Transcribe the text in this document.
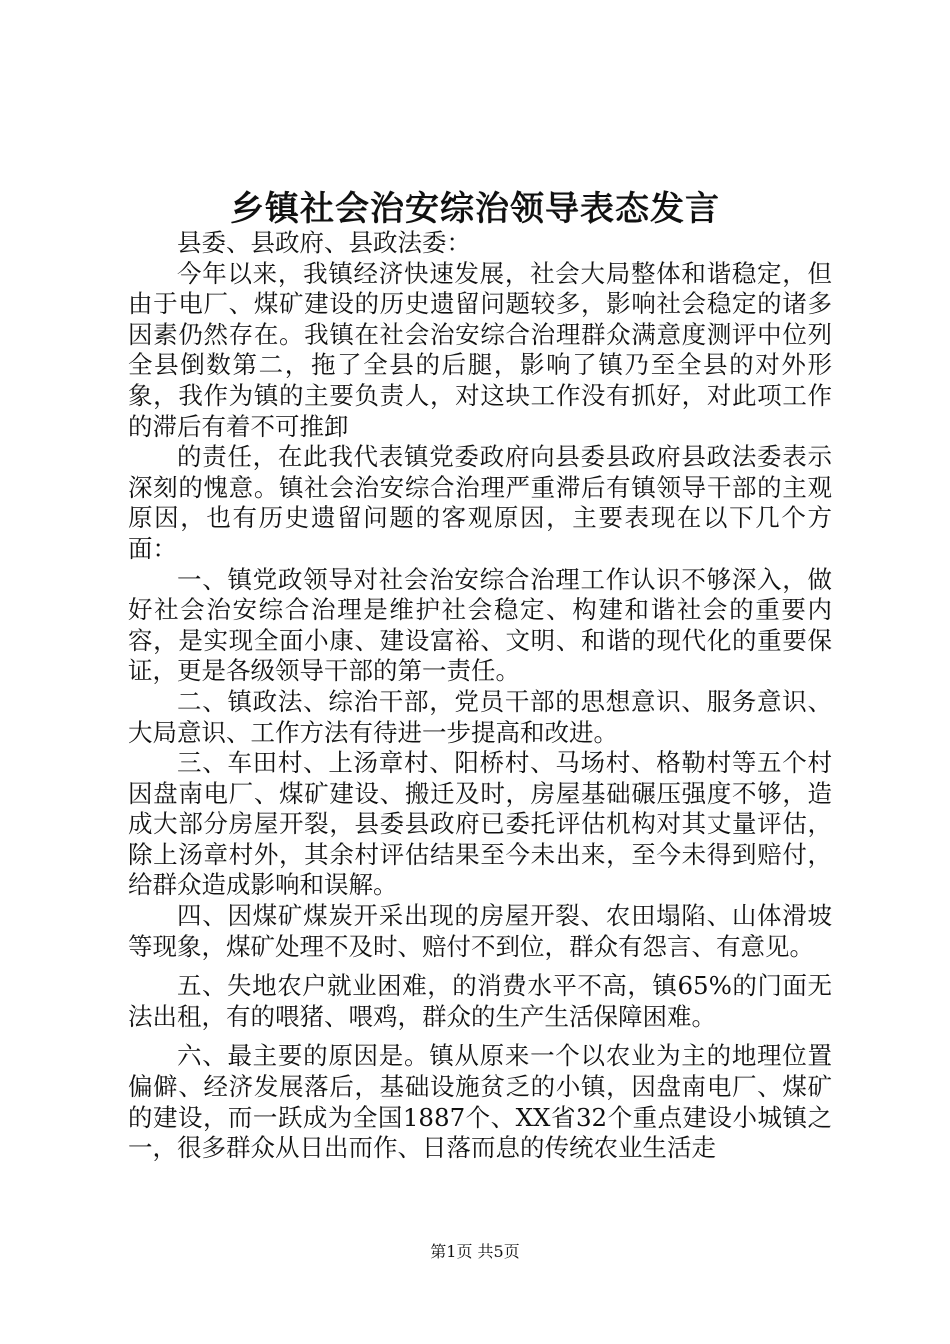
乡镇社会治安综治领导表态发言

县委、县政府、县政法委：

今年以来，我镇经济快速发展，社会大局整体和谐稳定，但由于电厂、煤矿建设的历史遗留问题较多，影响社会稳定的诸多因素仍然存在。我镇在社会治安综合治理群众满意度测评中位列全县倒数第二，拖了全县的后腿，影响了镇乃至全县的对外形象，我作为镇的主要负责人，对这块工作没有抓好，对此项工作的滞后有着不可推卸

的责任，在此我代表镇党委政府向县委县政府县政法委表示深刻的愧意。镇社会治安综合治理严重滞后有镇领导干部的主观原因，也有历史遗留问题的客观原因，主要表现在以下几个方面：

一、镇党政领导对社会治安综合治理工作认识不够深入，做好社会治安综合治理是维护社会稳定、构建和谐社会的重要内容，是实现全面小康、建设富裕、文明、和谐的现代化的重要保证，更是各级领导干部的第一责任。

二、镇政法、综治干部，党员干部的思想意识、服务意识、大局意识、工作方法有待进一步提高和改进。

三、车田村、上汤章村、阳桥村、马场村、格勒村等五个村因盘南电厂、煤矿建设、搬迁及时，房屋基础碾压强度不够，造成大部分房屋开裂，县委县政府已委托评估机构对其丈量评估，除上汤章村外，其余村评估结果至今未出来，至今未得到赔付，给群众造成影响和误解。

四、因煤矿煤炭开采出现的房屋开裂、农田塌陷、山体滑坡等现象，煤矿处理不及时、赔付不到位，群众有怨言、有意见。

五、失地农户就业困难，的消费水平不高，镇65%的门面无法出租，有的喂猪、喂鸡，群众的生产生活保障困难。

六、最主要的原因是。镇从原来一个以农业为主的地理位置偏僻、经济发展落后，基础设施贫乏的小镇，因盘南电厂、煤矿的建设，而一跃成为全国1887个、XX省32个重点建设小城镇之一，很多群众从日出而作、日落而息的传统农业生活走

第1页 共5页
